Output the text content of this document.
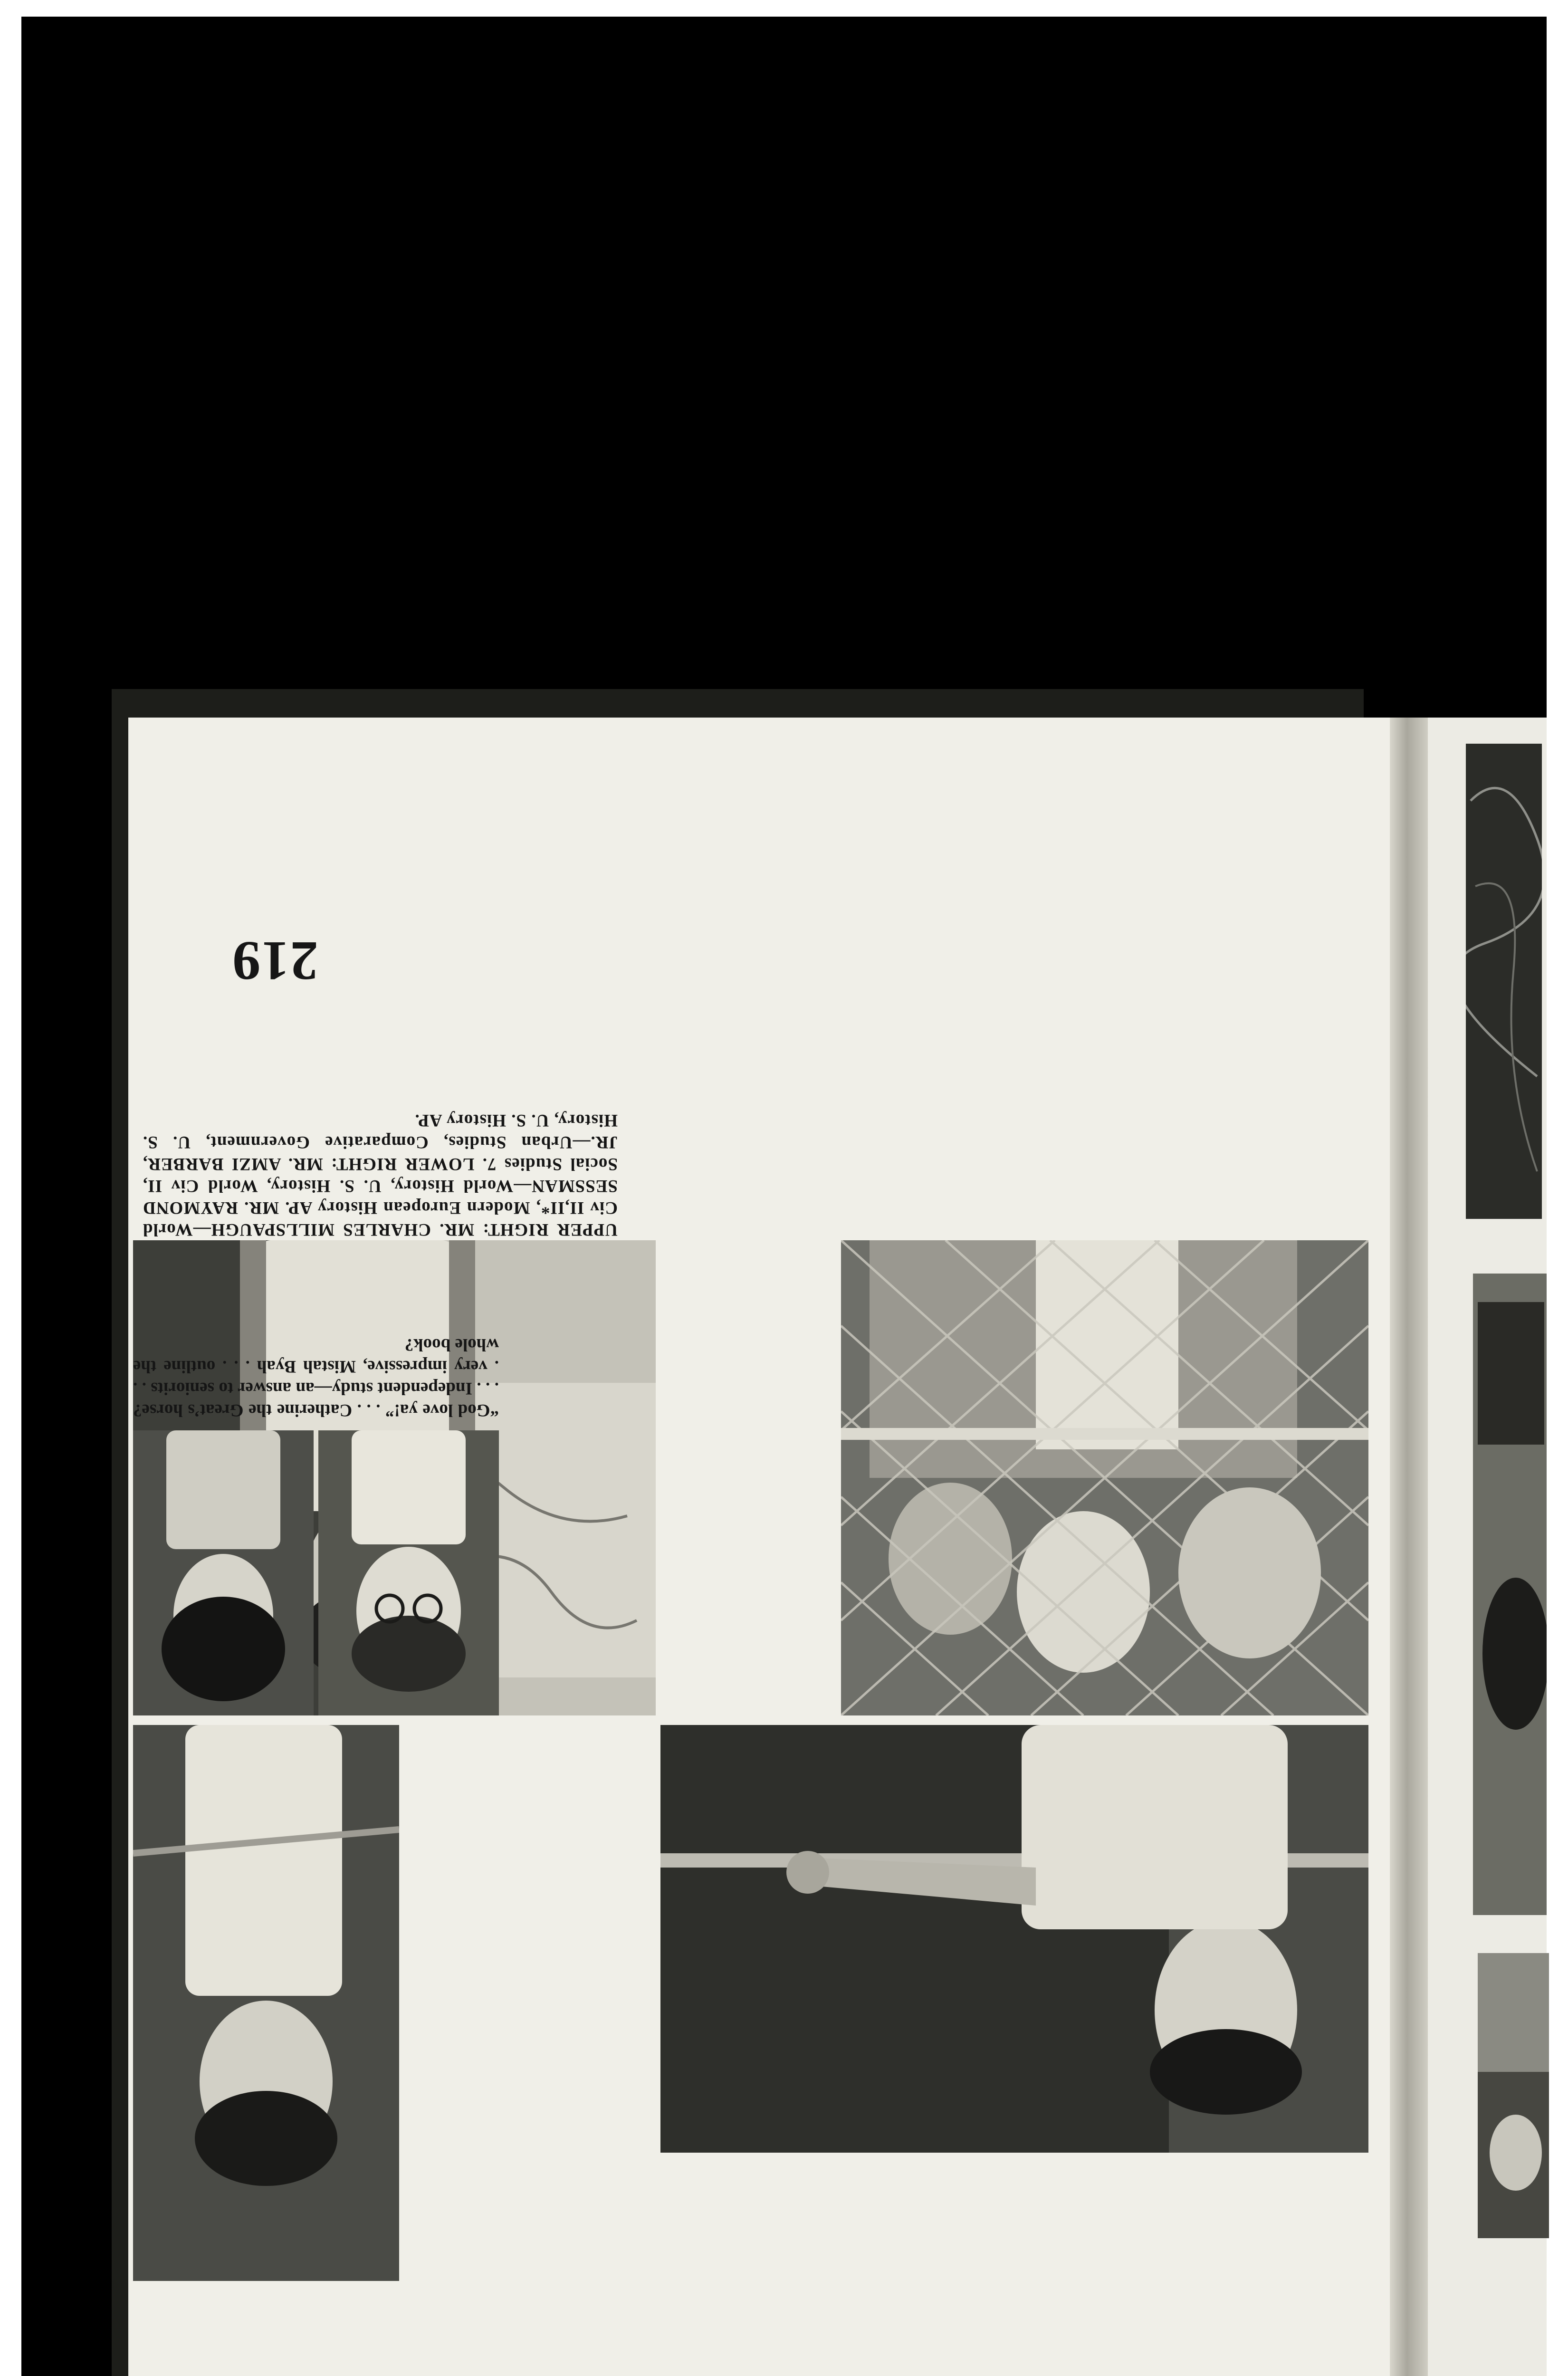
219
UPPER RIGHT: MR. CHARLES MILLSPAUGH—World Civ II,II*, Modern European History AP. MR. RAYMOND SESSMAN—World History, U. S. History, World Civ II, Social Studies 7. LOWER RIGHT: MR. AMZI BARBER, JR.—Urban Studies, Comparative Government, U. S. History, U. S. History AP.
“God love ya!” . . . Catherine the Great’s horse? . . . Independent study—an answer to seniorits . . . very impressive, Mistah Byah . . . outline the whole book?
